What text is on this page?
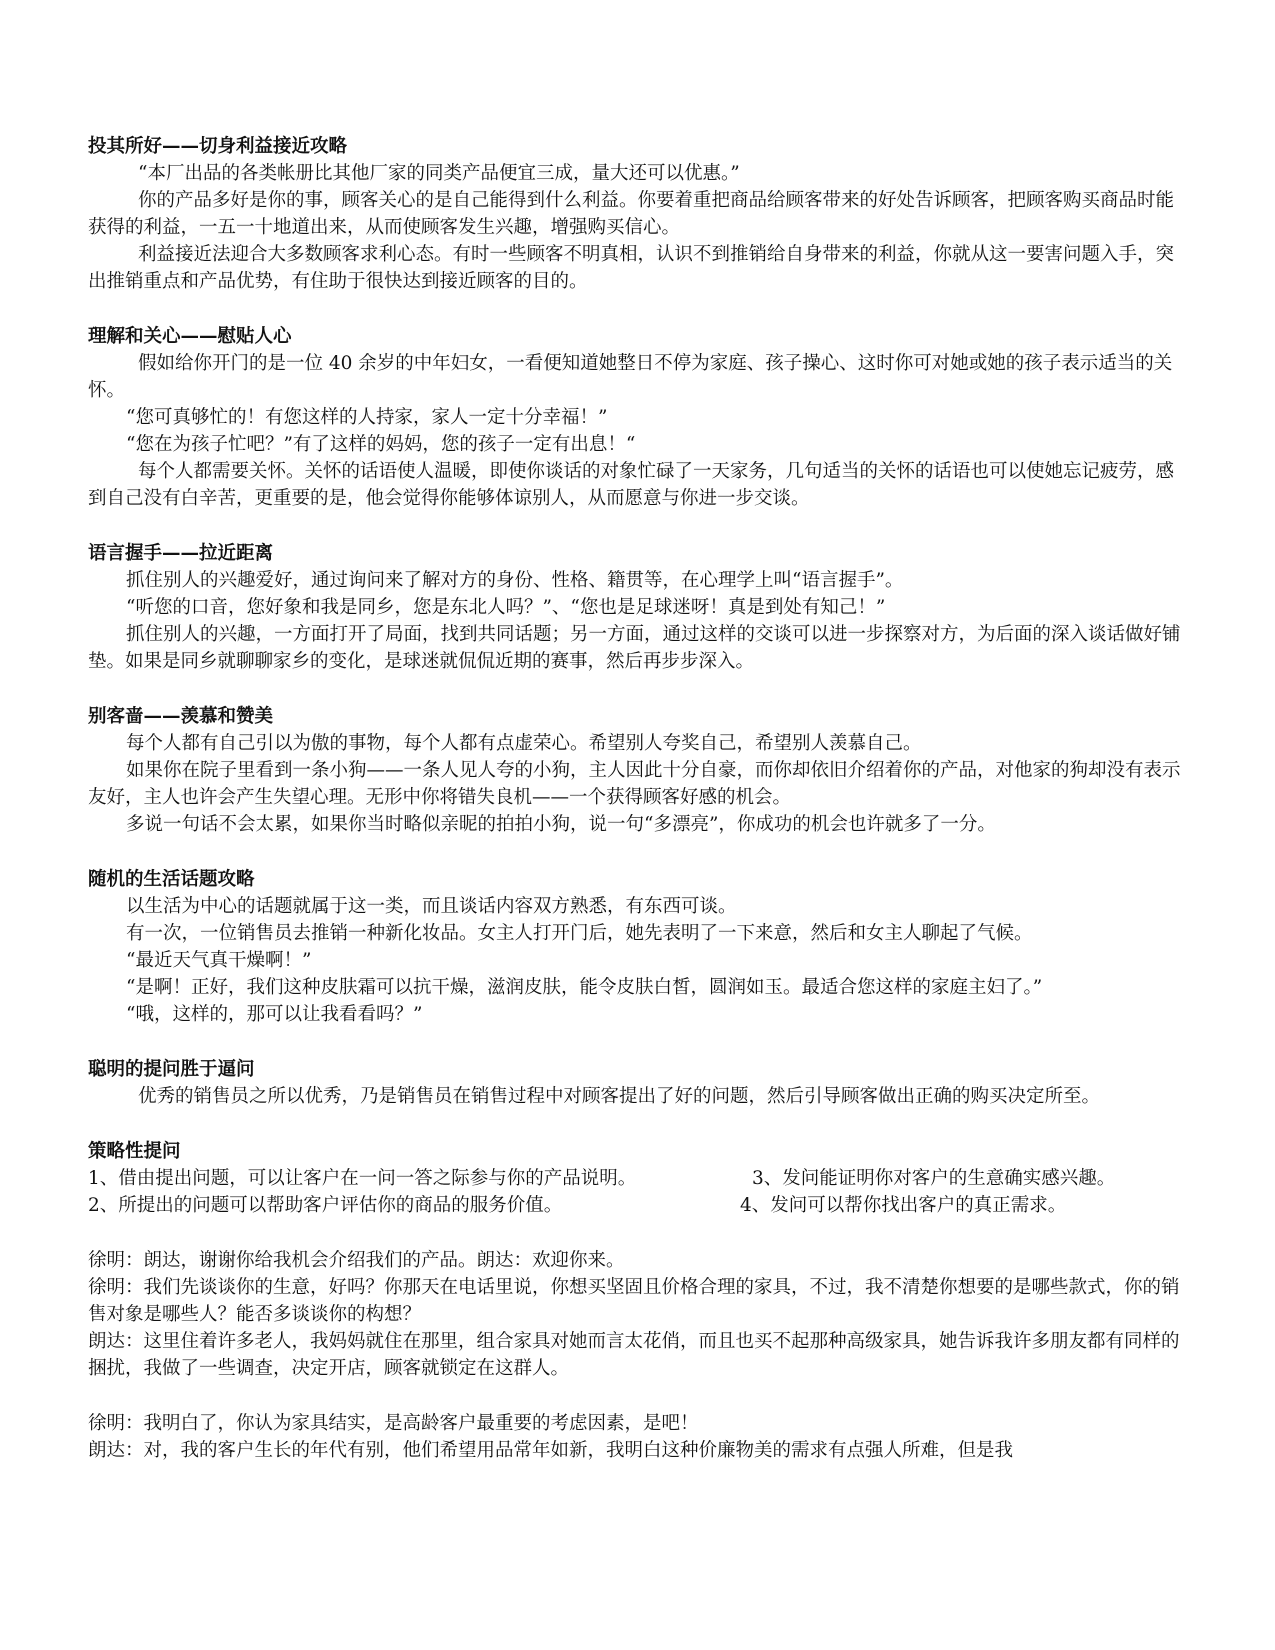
投其所好——切身利益接近攻略

“本厂出品的各类帐册比其他厂家的同类产品便宜三成，量大还可以优惠。”

你的产品多好是你的事，顾客关心的是自己能得到什么利益。你要着重把商品给顾客带来的好处告诉顾客，把顾客购买商品时能获得的利益，一五一十地道出来，从而使顾客发生兴趣，增强购买信心。

利益接近法迎合大多数顾客求利心态。有时一些顾客不明真相，认识不到推销给自身带来的利益，你就从这一要害问题入手，突出推销重点和产品优势，有住助于很快达到接近顾客的目的。

理解和关心——慰贴人心

假如给你开门的是一位 40 余岁的中年妇女，一看便知道她整日不停为家庭、孩子操心、这时你可对她或她的孩子表示适当的关怀。

“您可真够忙的！有您这样的人持家，家人一定十分幸福！”

“您在为孩子忙吧？”有了这样的妈妈，您的孩子一定有出息！“

每个人都需要关怀。关怀的话语使人温暖，即使你谈话的对象忙碌了一天家务，几句适当的关怀的话语也可以使她忘记疲劳，感到自己没有白辛苦，更重要的是，他会觉得你能够体谅别人，从而愿意与你进一步交谈。

语言握手——拉近距离

抓住别人的兴趣爱好，通过询问来了解对方的身份、性格、籍贯等，在心理学上叫“语言握手”。

“听您的口音，您好象和我是同乡，您是东北人吗？”、“您也是足球迷呀！真是到处有知己！”

抓住别人的兴趣，一方面打开了局面，找到共同话题；另一方面，通过这样的交谈可以进一步探察对方，为后面的深入谈话做好铺垫。如果是同乡就聊聊家乡的变化，是球迷就侃侃近期的赛事，然后再步步深入。

别客啬——羡慕和赞美

每个人都有自己引以为傲的事物，每个人都有点虚荣心。希望别人夸奖自己，希望别人羡慕自己。

如果你在院子里看到一条小狗——一条人见人夸的小狗，主人因此十分自豪，而你却依旧介绍着你的产品，对他家的狗却没有表示友好，主人也许会产生失望心理。无形中你将错失良机——一个获得顾客好感的机会。

多说一句话不会太累，如果你当时略似亲昵的拍拍小狗，说一句“多漂亮”，你成功的机会也许就多了一分。

随机的生活话题攻略

以生活为中心的话题就属于这一类，而且谈话内容双方熟悉，有东西可谈。

有一次，一位销售员去推销一种新化妆品。女主人打开门后，她先表明了一下来意，然后和女主人聊起了气候。

“最近天气真干燥啊！”

“是啊！正好，我们这种皮肤霜可以抗干燥，滋润皮肤，能令皮肤白皙，圆润如玉。最适合您这样的家庭主妇了。”

“哦，这样的，那可以让我看看吗？”

聪明的提问胜于逼问

优秀的销售员之所以优秀，乃是销售员在销售过程中对顾客提出了好的问题，然后引导顾客做出正确的购买决定所至。

策略性提问
1、借由提出问题，可以让客户在一问一答之际参与你的产品说明。	3、发问能证明你对客户的生意确实感兴趣。
2、所提出的问题可以帮助客户评估你的商品的服务价值。	4、发问可以帮你找出客户的真正需求。

徐明：朗达，谢谢你给我机会介绍我们的产品。朗达：欢迎你来。

徐明：我们先谈谈你的生意，好吗？你那天在电话里说，你想买坚固且价格合理的家具，不过，我不清楚你想要的是哪些款式，你的销售对象是哪些人？能否多谈谈你的构想？

朗达：这里住着许多老人，我妈妈就住在那里，组合家具对她而言太花俏，而且也买不起那种高级家具，她告诉我许多朋友都有同样的捆扰，我做了一些调查，决定开店，顾客就锁定在这群人。

徐明：我明白了，你认为家具结实，是高龄客户最重要的考虑因素，是吧！

朗达：对，我的客户生长的年代有别，他们希望用品常年如新，我明白这种价廉物美的需求有点强人所难，但是我
